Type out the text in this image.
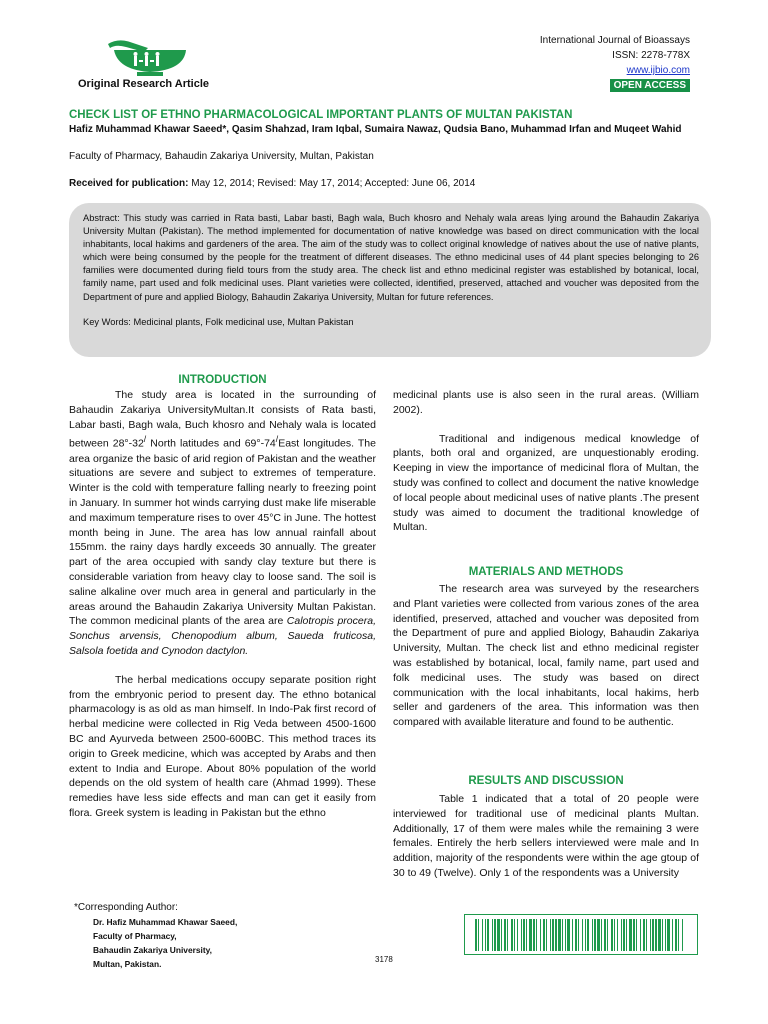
Original Research Article
International Journal of Bioassays
ISSN: 2278-778X
www.ijbio.com
OPEN ACCESS
CHECK LIST OF ETHNO PHARMACOLOGICAL IMPORTANT PLANTS OF MULTAN PAKISTAN
Hafiz Muhammad Khawar Saeed*, Qasim Shahzad, Iram Iqbal, Sumaira Nawaz, Qudsia Bano, Muhammad Irfan and Muqeet Wahid
Faculty of Pharmacy, Bahaudin Zakariya University, Multan, Pakistan
Received for publication: May 12, 2014; Revised: May 17, 2014; Accepted: June 06, 2014
Abstract: This study was carried in Rata basti, Labar basti, Bagh wala, Buch khosro and Nehaly wala areas lying around the Bahaudin Zakariya University Multan (Pakistan). The method implemented for documentation of native knowledge was based on direct communication with the local inhabitants, local hakims and gardeners of the area. The aim of the study was to collect original knowledge of natives about the use of native plants, which were being consumed by the people for the treatment of different diseases. The ethno medicinal uses of 44 plant species belonging to 26 families were documented during field tours from the study area. The check list and ethno medicinal register was established by botanical, local, family name, part used and folk medicinal uses. Plant varieties were collected, identified, preserved, attached and voucher was deposited from the Department of pure and applied Biology, Bahaudin Zakariya University, Multan for future references.
Key Words: Medicinal plants, Folk medicinal use, Multan Pakistan
INTRODUCTION
MATERIALS AND METHODS
RESULTS AND DISCUSSION

The study area is located in the surrounding of Bahaudin Zakariya UniversityMultan.It consists of Rata basti, Labar basti, Bagh wala, Buch khosro and Nehaly wala is located between 28°-32/ North latitudes and 69°-74/East longitudes. The area organize the basic of arid region of Pakistan and the weather situations are severe and subject to extremes of temperature. Winter is the cold with temperature falling nearly to freezing point in January. In summer hot winds carrying dust make life miserable and maximum temperature rises to over 45°C in June. The hottest month being in June. The area has low annual rainfall about 155mm. the rainy days hardly exceeds 30 annually. The greater part of the area occupied with sandy clay texture but there is considerable variation from heavy clay to loose sand. The soil is saline alkaline over much area in general and particularly in the areas around the Bahaudin Zakariya University Multan Pakistan. The common medicinal plants of the area are Calotropis procera, Sonchus arvensis, Chenopodium album, Saueda fruticosa, Salsola foetida and Cynodon dactylon.

The herbal medications occupy separate position right from the embryonic period to present day. The ethno botanical pharmacology is as old as man himself. In Indo-Pak first record of herbal medicine were collected in Rig Veda between 4500-1600 BC and Ayurveda between 2500-600BC. This method traces its origin to Greek medicine, which was accepted by Arabs and then extent to India and Europe. About 80% population of the world depends on the old system of health care (Ahmad 1999). These remedies have less side effects and man can get it easily from flora. Greek system is leading in Pakistan but the ethno

medicinal plants use is also seen in the rural areas. (William 2002).

Traditional and indigenous medical knowledge of plants, both oral and organized, are unquestionably eroding. Keeping in view the importance of medicinal flora of Multan, the study was confined to collect and document the native knowledge of local people about medicinal uses of native plants .The present study was aimed to document the traditional knowledge of Multan.

The research area was surveyed by the researchers and Plant varieties were collected from various zones of the area identified, preserved, attached and voucher was deposited from the Department of pure and applied Biology, Bahaudin Zakariya University, Multan. The check list and ethno medicinal register was established by botanical, local, family name, part used and folk medicinal uses. The study was based on direct communication with the local inhabitants, local hakims, herb seller and gardeners of the area. This information was then compared with available literature and found to be authentic.

Table 1 indicated that a total of 20 people were interviewed for traditional use of medicinal plants Multan. Additionally, 17 of them were males while the remaining 3 were females. Entirely the herb sellers interviewed were male and In addition, majority of the respondents were within the age gtoup of 30 to 49 (Twelve). Only 1 of the respondents was a University

*Corresponding Author:
Dr. Hafiz Muhammad Khawar Saeed,
Faculty of Pharmacy,
Bahaudin Zakariya University,
Multan, Pakistan.	3178
